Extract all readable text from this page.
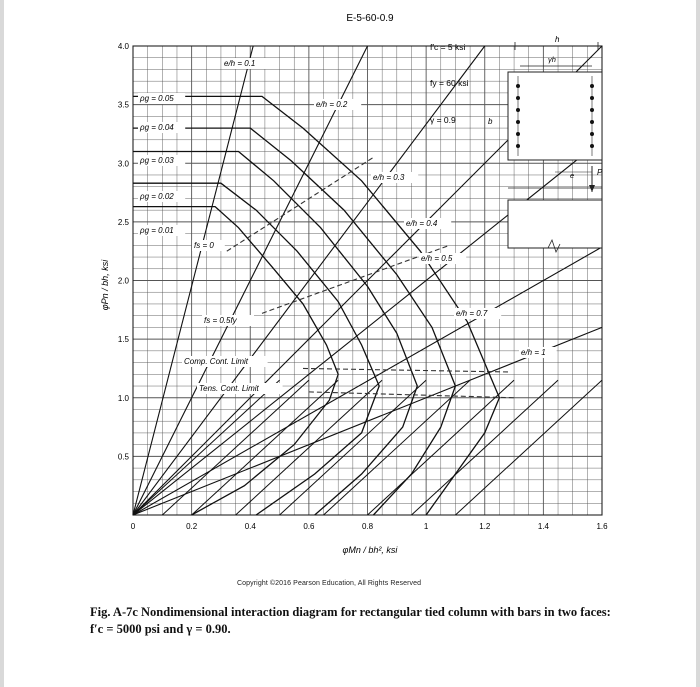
E-5-60-0.9
0	0.2	0.4	0.6	0.8	1	1.2	1.4	1.6
0.5
1.0
1.5
2.0
2.5
3.0
3.5
4.0
ρg = 0.05
ρg = 0.04
ρg = 0.03
ρg = 0.02
ρg = 0.01
fs = 0
fs = 0.5fy
Comp. Cont. Limit
Tens. Cont. Limit
e/h = 0.1
e/h = 0.2
e/h = 0.3
e/h = 0.4
e/h = 0.5
e/h = 0.7
e/h = 1
φMn / bh², ksi
φPn / bh, ksi
f′c = 5 ksi
fy = 60 ksi
γ = 0.9
h
γh
b
e	P
Copyright ©2016 Pearson Education, All Rights Reserved
Fig. A-7c Nondimensional interaction diagram for rectangular tied column with bars in two faces:
f′c = 5000 psi and γ = 0.90.
